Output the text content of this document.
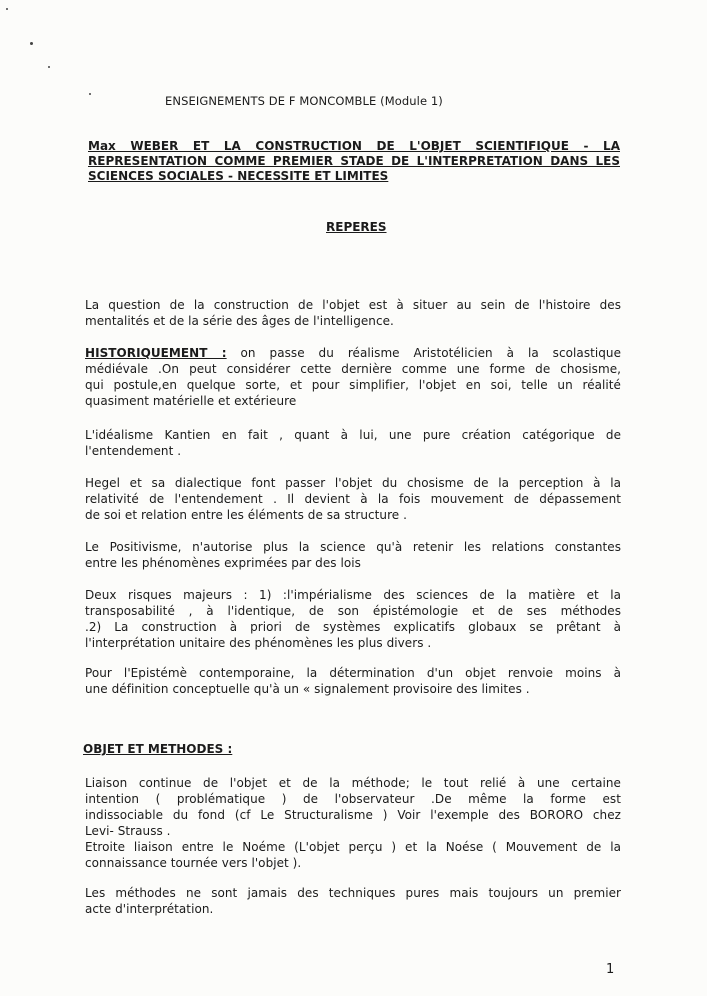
ENSEIGNEMENTS DE F MONCOMBLE (Module 1)
Max WEBER ET LA CONSTRUCTION DE L'OBJET SCIENTIFIQUE - LA
REPRESENTATION COMME PREMIER STADE DE L'INTERPRETATION DANS LES
SCIENCES SOCIALES - NECESSITE ET LIMITES
REPERES
La question de la construction de l'objet est à situer au sein de l'histoire des
mentalités et de la série des âges de l'intelligence.
HISTORIQUEMENT : on passe du réalisme Aristotélicien à la scolastique
médiévale .On peut considérer cette dernière comme une forme de chosisme,
qui postule,en quelque sorte, et pour simplifier, l'objet en soi, telle un réalité
quasiment matérielle et extérieure
L'idéalisme Kantien en fait , quant à lui, une pure création catégorique de
l'entendement .
Hegel et sa dialectique font passer l'objet du chosisme de la perception à la
relativité de l'entendement . Il devient à la fois mouvement de dépassement
de soi et relation entre les éléments de sa structure .
Le Positivisme, n'autorise plus la science qu'à retenir les relations constantes
entre les phénomènes exprimées par des lois
Deux risques majeurs : 1) :l'impérialisme des sciences de la matière et la
transposabilité , à l'identique, de son épistémologie et de ses méthodes
.2) La construction à priori de systèmes explicatifs globaux se prêtant à
l'interprétation unitaire des phénomènes les plus divers .
Pour l'Epistémè contemporaine, la détermination d'un objet renvoie moins à
une définition conceptuelle qu'à un « signalement provisoire des limites .
OBJET ET METHODES :
Liaison continue de l'objet et de la méthode; le tout relié à une certaine
intention ( problématique ) de l'observateur .De même la forme est
indissociable du fond (cf Le Structuralisme ) Voir l'exemple des BORORO chez
Levi- Strauss .
Etroite liaison entre le Noéme (L'objet perçu ) et la Noése ( Mouvement de la
connaissance tournée vers l'objet ).
Les méthodes ne sont jamais des techniques pures mais toujours un premier
acte d'interprétation.
1
